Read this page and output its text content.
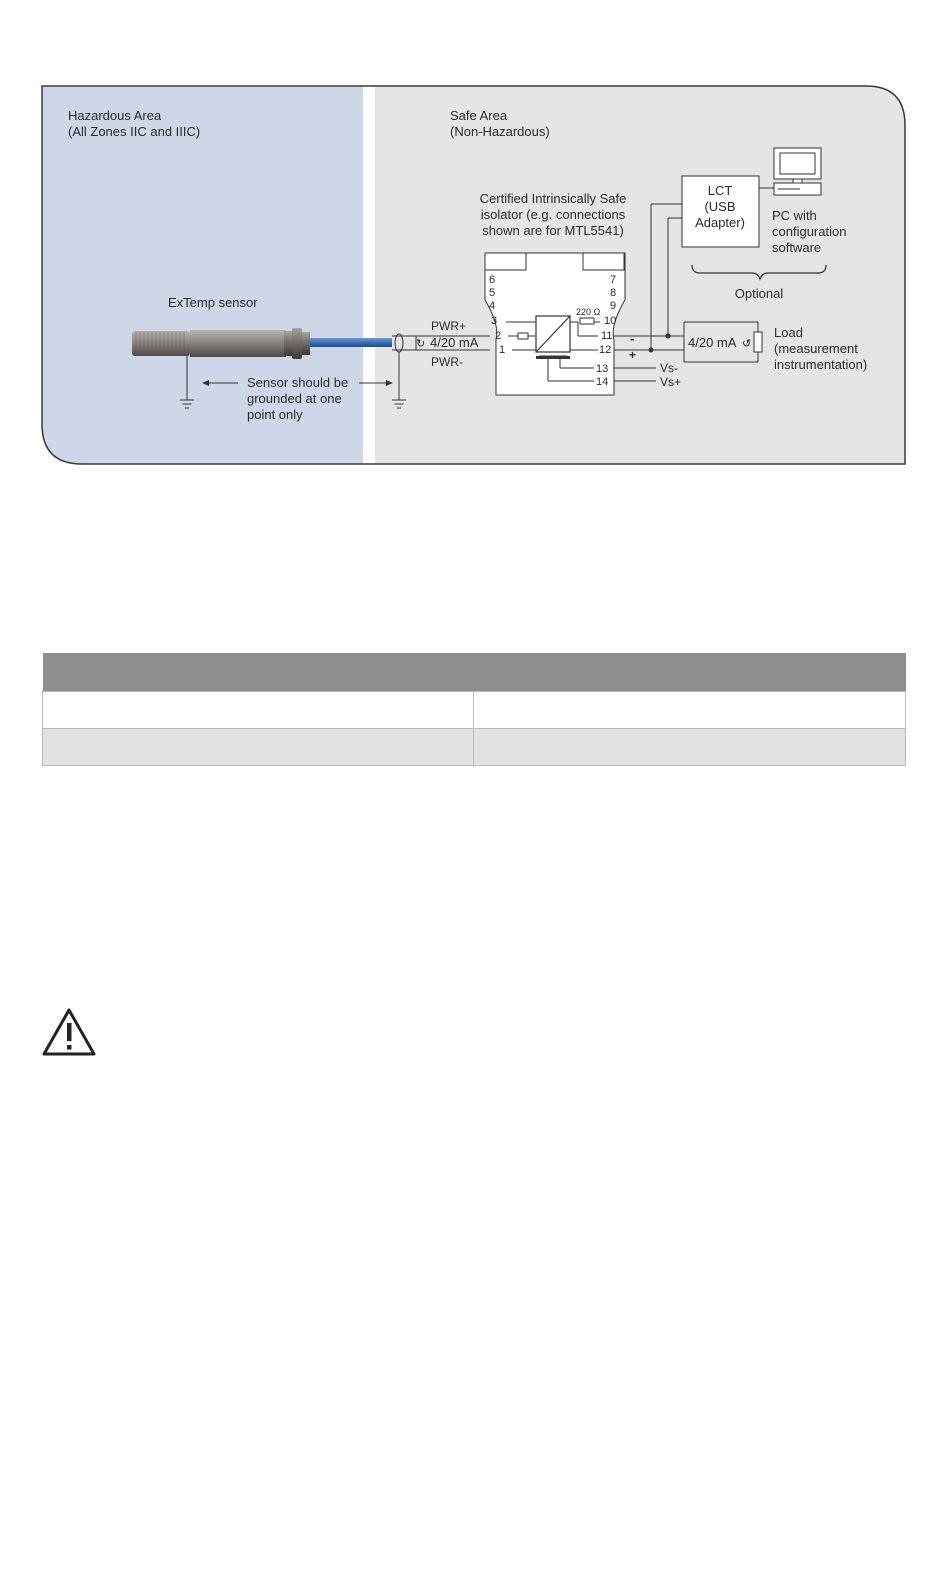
Hazardous Area
(All Zones IIC and IIIC)
Safe Area
(Non-Hazardous)
ExTemp sensor
Sensor should be
grounded at one
point only
PWR+
PWR-
↻ 4/20 mA
Certified Intrinsically Safe
isolator (e.g. connections
shown are for MTL5541)
6
5
4
3
2
1
7
8
9
10
11
12
13
14
220 Ω
-
+
Vs-
Vs+
4/20 mA ↺
Load
(measurement
instrumentation)
LCT
(USB
Adapter) PC with
configuration
software
Optional
